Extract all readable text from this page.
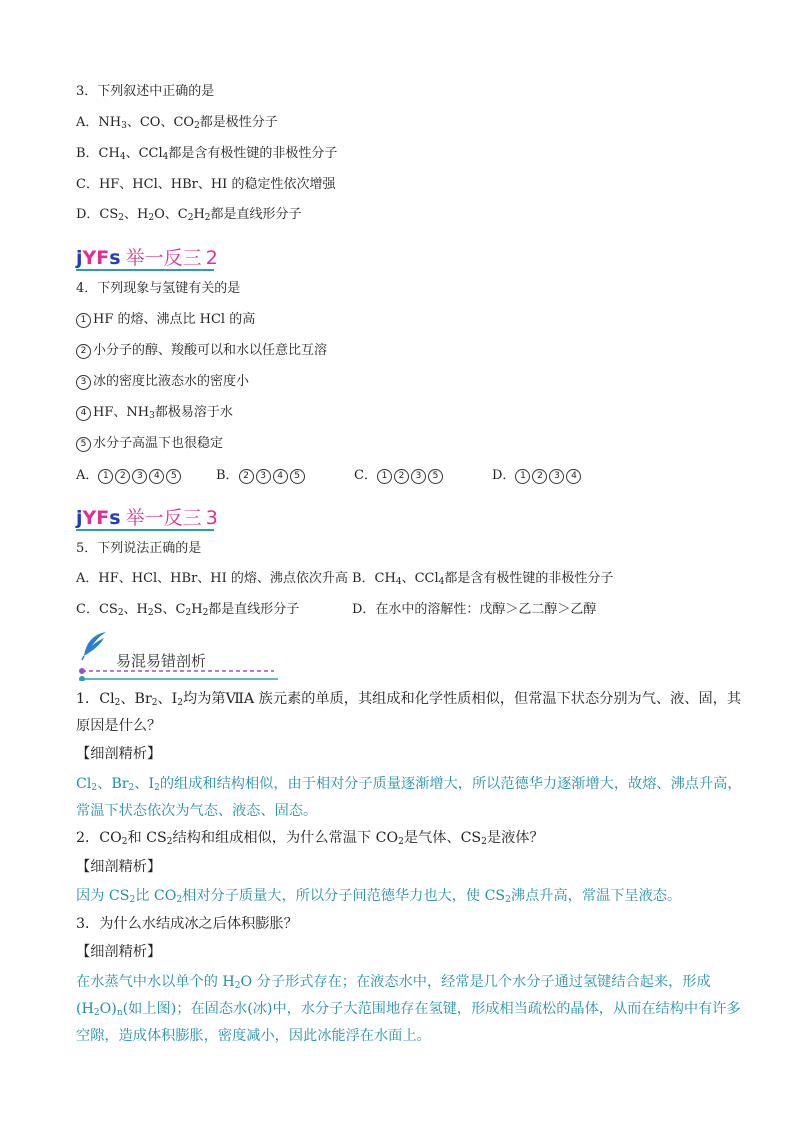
3．下列叙述中正确的是
A．$NH_3$、CO、$CO_2$都是极性分子
B．$CH_4$、CCl$_4$都是含有极性键的非极性分子
C．HF、HCl、HBr、HI 的稳定性依次增强
D．$CS_2$、$H_2O$、$C_2H_2$都是直线形分子
jYFs 举一反三 2
4．下列现象与氢键有关的是
1 HF 的熔、沸点比 HCl 的高
2 小分子的醇、羧酸可以和水以任意比互溶
3 冰的密度比液态水的密度小
4 HF、$NH_3$都极易溶于水
5 水分子高温下也很稳定
A． 1 2 3 4 5	B． 2 3 4 5	C． 1 2 3 5	D． 1 2 3 4
jYFs 举一反三 3
5．下列说法正确的是
A．HF、HCl、HBr、HI 的熔、沸点依次升高 B．$CH_4$、CCl$_4$都是含有极性键的非极性分子
C．$CS_2$、$H_2S$、$C_2H_2$都是直线形分子	D．在水中的溶解性：戊醇＞乙二醇＞乙醇
易混易错剖析
1．$Cl_2$、$Br_2$、$I_2$均为第ⅦA 族元素的单质，其组成和化学性质相似，但常温下状态分别为气、液、固，其
原因是什么？
【细剖精析】
$Cl_2$、$Br_2$、$I_2$的组成和结构相似，由于相对分子质量逐渐增大，所以范德华力逐渐增大，故熔、沸点升高，
常温下状态依次为气态、液态、固态。
2．$CO_2$和 $CS_2$结构和组成相似，为什么常温下 $CO_2$是气体、$CS_2$是液体？
【细剖精析】
因为 $CS_2$比 $CO_2$相对分子质量大，所以分子间范德华力也大，使 $CS_2$沸点升高，常温下呈液态。
3．为什么水结成冰之后体积膨胀？
【细剖精析】
在水蒸气中水以单个的 $H_2O$ 分子形式存在；在液态水中，经常是几个水分子通过氢键结合起来，形成
$(H_2O)_n$(如上图)；在固态水(冰)中，水分子大范围地存在氢键，形成相当疏松的晶体，从而在结构中有许多
空隙，造成体积膨胀，密度减小，因此冰能浮在水面上。
